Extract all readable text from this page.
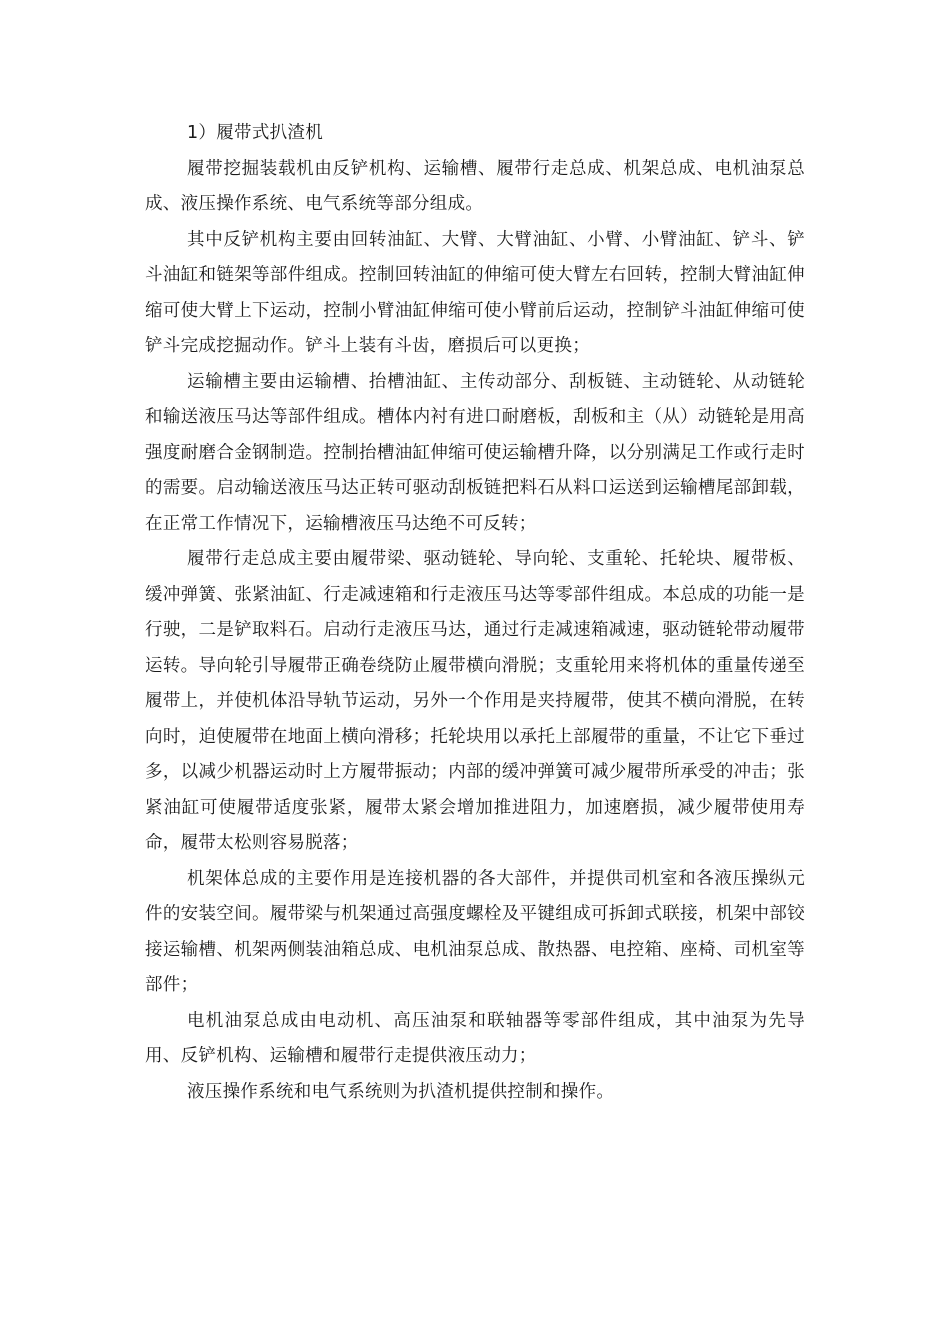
1）履带式扒渣机

履带挖掘装载机由反铲机构、运输槽、履带行走总成、机架总成、电机油泵总成、液压操作系统、电气系统等部分组成。

其中反铲机构主要由回转油缸、大臂、大臂油缸、小臂、小臂油缸、铲斗、铲斗油缸和链架等部件组成。控制回转油缸的伸缩可使大臂左右回转，控制大臂油缸伸缩可使大臂上下运动，控制小臂油缸伸缩可使小臂前后运动，控制铲斗油缸伸缩可使铲斗完成挖掘动作。铲斗上装有斗齿，磨损后可以更换；

运输槽主要由运输槽、抬槽油缸、主传动部分、刮板链、主动链轮、从动链轮和输送液压马达等部件组成。槽体内衬有进口耐磨板，刮板和主（从）动链轮是用高强度耐磨合金钢制造。控制抬槽油缸伸缩可使运输槽升降，以分别满足工作或行走时的需要。启动输送液压马达正转可驱动刮板链把料石从料口运送到运输槽尾部卸载，在正常工作情况下，运输槽液压马达绝不可反转；

履带行走总成主要由履带梁、驱动链轮、导向轮、支重轮、托轮块、履带板、缓冲弹簧、张紧油缸、行走减速箱和行走液压马达等零部件组成。本总成的功能一是行驶，二是铲取料石。启动行走液压马达，通过行走减速箱减速，驱动链轮带动履带运转。导向轮引导履带正确卷绕防止履带横向滑脱；支重轮用来将机体的重量传递至履带上，并使机体沿导轨节运动，另外一个作用是夹持履带，使其不横向滑脱，在转向时，迫使履带在地面上横向滑移；托轮块用以承托上部履带的重量，不让它下垂过多，以减少机器运动时上方履带振动；内部的缓冲弹簧可减少履带所承受的冲击；张紧油缸可使履带适度张紧，履带太紧会增加推进阻力，加速磨损，减少履带使用寿命，履带太松则容易脱落；

机架体总成的主要作用是连接机器的各大部件，并提供司机室和各液压操纵元件的安装空间。履带梁与机架通过高强度螺栓及平键组成可拆卸式联接，机架中部铰接运输槽、机架两侧装油箱总成、电机油泵总成、散热器、电控箱、座椅、司机室等部件；

电机油泵总成由电动机、高压油泵和联轴器等零部件组成，其中油泵为先导用、反铲机构、运输槽和履带行走提供液压动力；

液压操作系统和电气系统则为扒渣机提供控制和操作。
